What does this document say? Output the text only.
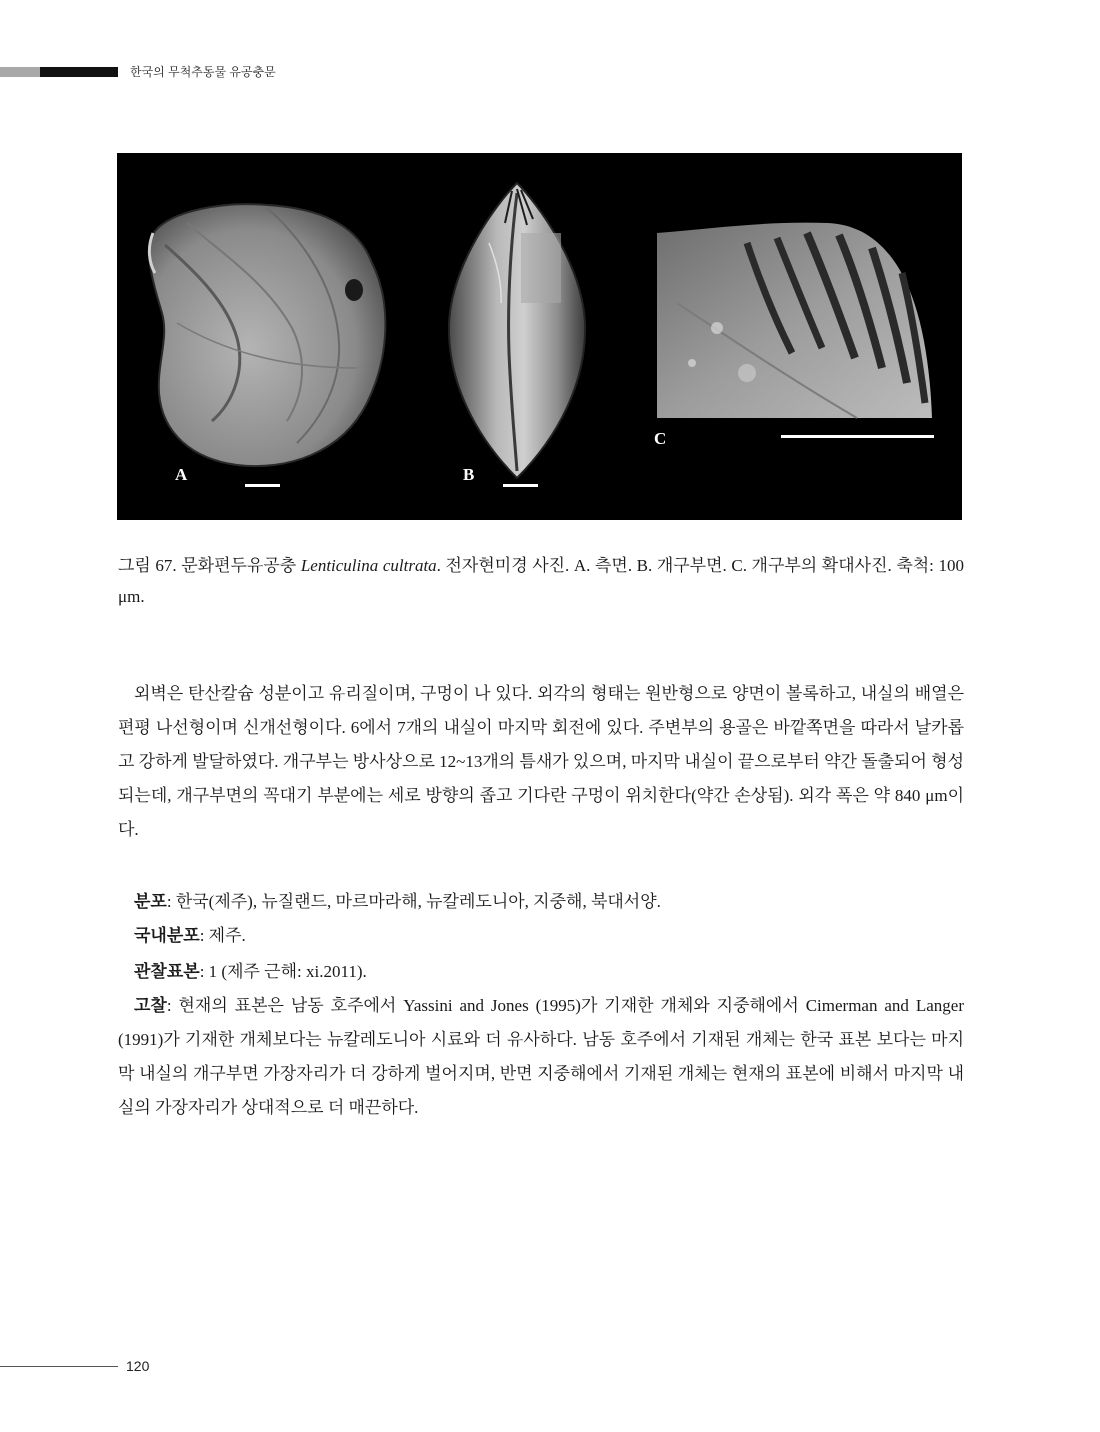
한국의 무척추동물 유공충문
A	B
C
그림 67. 문화편두유공충 Lenticulina cultrata. 전자현미경 사진. A. 측면. B. 개구부면. C. 개구부의 확대사진. 축척: 100 μm.

외벽은 탄산칼슘 성분이고 유리질이며, 구멍이 나 있다. 외각의 형태는 원반형으로 양면이 볼록하고, 내실의 배열은 편평 나선형이며 신개선형이다. 6에서 7개의 내실이 마지막 회전에 있다. 주변부의 용골은 바깥쪽면을 따라서 날카롭고 강하게 발달하였다. 개구부는 방사상으로 12~13개의 틈새가 있으며, 마지막 내실이 끝으로부터 약간 돌출되어 형성되는데, 개구부면의 꼭대기 부분에는 세로 방향의 좁고 기다란 구멍이 위치한다(약간 손상됨). 외각 폭은 약 840 μm이다.

분포: 한국(제주), 뉴질랜드, 마르마라해, 뉴칼레도니아, 지중해, 북대서양.

국내분포: 제주.

관찰표본: 1 (제주 근해: xi.2011).

고찰: 현재의 표본은 남동 호주에서 Yassini and Jones (1995)가 기재한 개체와 지중해에서 Cimerman and Langer (1991)가 기재한 개체보다는 뉴칼레도니아 시료와 더 유사하다. 남동 호주에서 기재된 개체는 한국 표본 보다는 마지막 내실의 개구부면 가장자리가 더 강하게 벌어지며, 반면 지중해에서 기재된 개체는 현재의 표본에 비해서 마지막 내실의 가장자리가 상대적으로 더 매끈하다.

120
